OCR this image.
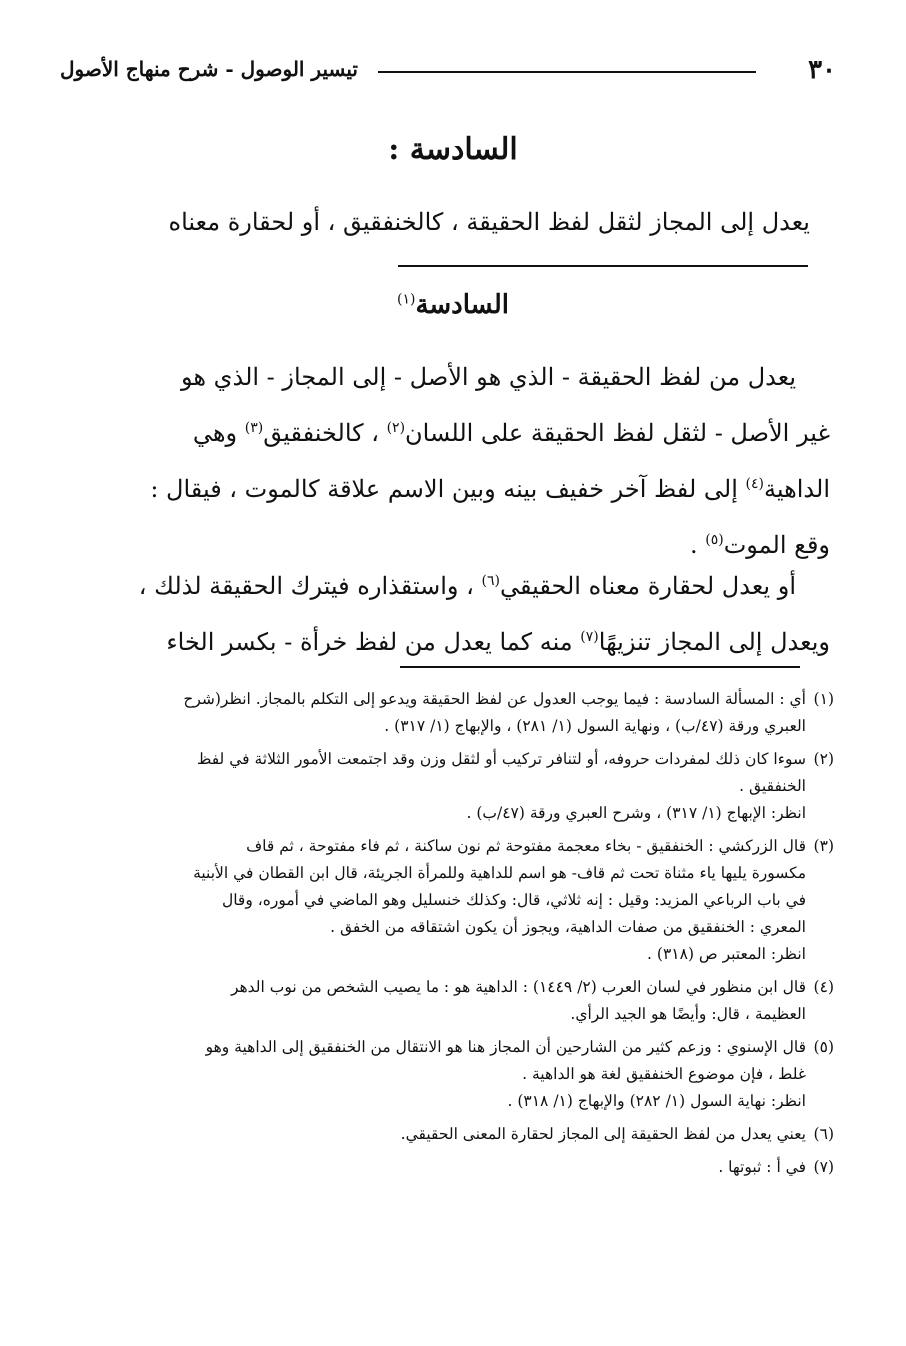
٣٠
تيسير الوصول - شرح منهاج الأصول
السادسة :
يعدل إلى المجاز لثقل لفظ الحقيقة ، كالخنفقيق ، أو لحقارة معناه
السادسة$^{(١)}$

يعدل من لفظ الحقيقة - الذي هو الأصل - إلى المجاز - الذي هو

غير الأصل - لثقل لفظ الحقيقة على اللسان$^{(٢)}$ ، كالخنفقيق$^{(٣)}$ وهي

الداهية$^{(٤)}$ إلى لفظ آخر خفيف بينه وبين الاسم علاقة كالموت ، فيقال :

وقع الموت$^{(٥)}$ .

أو يعدل لحقارة معناه الحقيقي$^{(٦)}$ ، واستقذاره فيترك الحقيقة لذلك ،

ويعدل إلى المجاز تنزيهًا$^{(٧)}$ منه كما يعدل من لفظ خرأة - بكسر الخاء

(١)أي : المسألة السادسة : فيما يوجب العدول عن لفظ الحقيقة ويدعو إلى التكلم بالمجاز. انظر(شرح

العبري ورقة (٤٧/ب) ، ونهاية السول (١/ ٢٨١) ، والإبهاج (١/ ٣١٧) .

(٢)سوءا كان ذلك لمفردات حروفه، أو لتنافر تركيب أو لثقل وزن وقد اجتمعت الأمور الثلاثة في لفظ

الخنفقيق .

انظر: الإبهاج (١/ ٣١٧) ، وشرح العبري ورقة (٤٧/ب) .

(٣)قال الزركشي : الخنفقيق - بخاء معجمة مفتوحة ثم نون ساكنة ، ثم فاء مفتوحة ، ثم قاف

مكسورة يليها ياء مثناة تحت ثم قاف- هو اسم للداهية وللمرأة الجريئة، قال ابن القطان في الأبنية

في باب الرباعي المزيد: وقيل : إنه ثلاثي، قال: وكذلك خنسليل وهو الماضي في أموره، وقال

المعري : الخنفقيق من صفات الداهية، ويجوز أن يكون اشتقاقه من الخفق .

انظر: المعتبر ص (٣١٨) .

(٤)قال ابن منظور في لسان العرب (٢/ ١٤٤٩) : الداهية هو : ما يصيب الشخص من نوب الدهر

العظيمة ، قال: وأيضًا هو الجيد الرأي.

(٥)قال الإسنوي : وزعم كثير من الشارحين أن المجاز هنا هو الانتقال من الخنفقيق إلى الداهية وهو

غلط ، فإن موضوع الخنفقيق لغة هو الداهية .

انظر: نهاية السول (١/ ٢٨٢) والإبهاج (١/ ٣١٨) .

(٦)يعني يعدل من لفظ الحقيقة إلى المجاز لحقارة المعنى الحقيقي.

(٧)في أ : ثبوتها .
